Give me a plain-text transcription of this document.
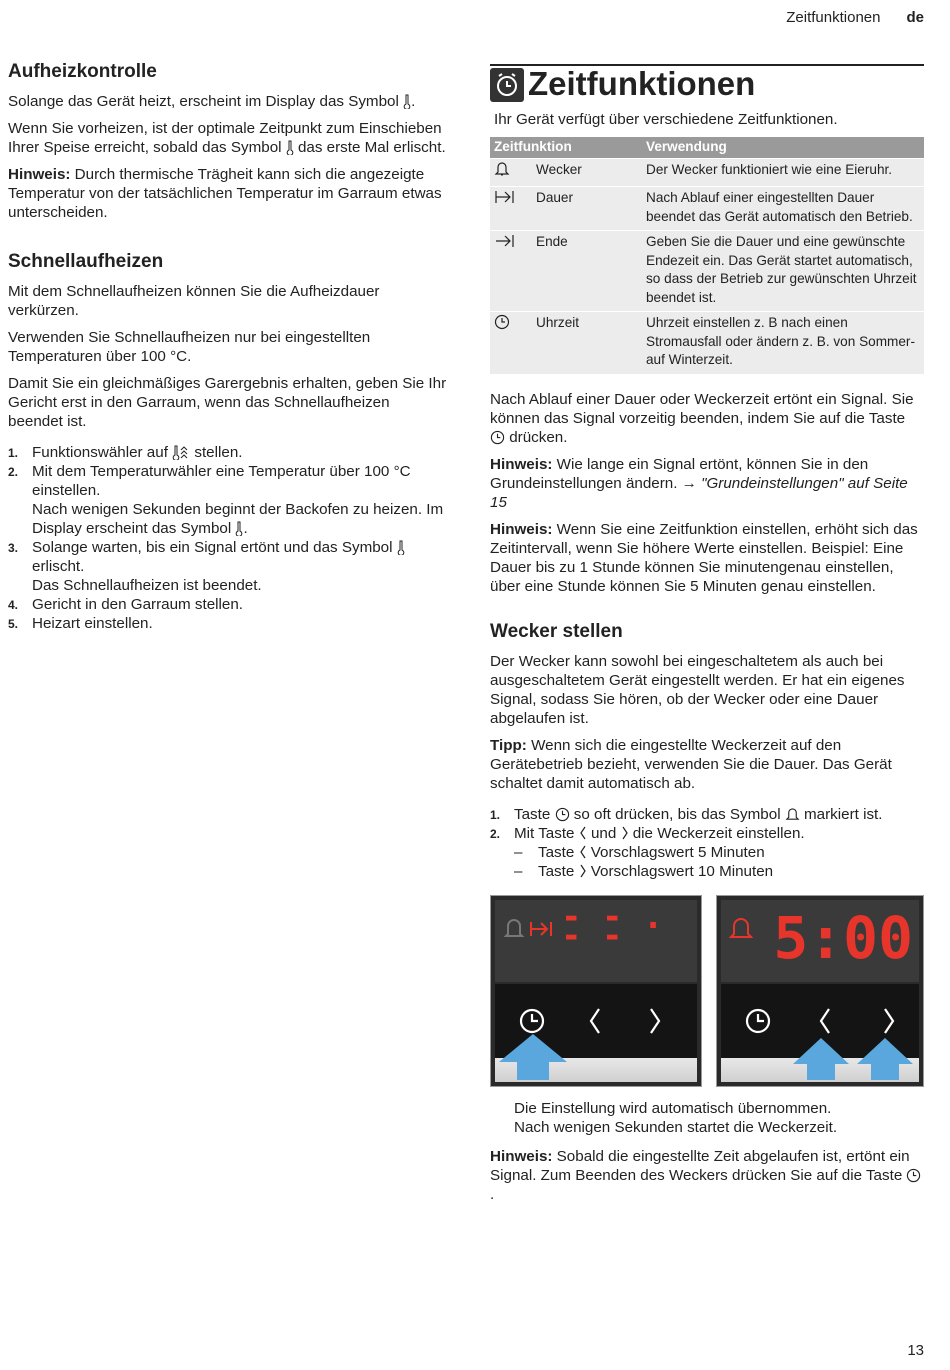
Zeitfunktionen de
Aufheizkontrolle

Solange das Gerät heizt, erscheint im Display das Symbol .

Wenn Sie vorheizen, ist der optimale Zeitpunkt zum Einschieben Ihrer Speise erreicht, sobald das Symbol  das erste Mal erlischt.

Hinweis: Durch thermische Trägheit kann sich die angezeigte Temperatur von der tatsächlichen Temperatur im Garraum etwas unterscheiden.

Schnellaufheizen

Mit dem Schnellaufheizen können Sie die Aufheizdauer verkürzen.

Verwenden Sie Schnellaufheizen nur bei eingestellten Temperaturen über 100 °C.

Damit Sie ein gleichmäßiges Garergebnis erhalten, geben Sie Ihr Gericht erst in den Garraum, wenn das Schnellaufheizen beendet ist.

1. Funktionswähler auf  stellen.
2. Mit dem Temperaturwähler eine Temperatur über 100 °C einstellen.
Nach wenigen Sekunden beginnt der Backofen zu heizen. Im Display erscheint das Symbol .
3. Solange warten, bis ein Signal ertönt und das Symbol  erlischt.
Das Schnellaufheizen ist beendet.
4. Gericht in den Garraum stellen.
5. Heizart einstellen.
Zeitfunktionen

Ihr Gerät verfügt über verschiedene Zeitfunktionen.

Zeitfunktion		Verwendung
	Wecker	Der Wecker funktioniert wie eine Eieruhr.
	Dauer	Nach Ablauf einer eingestellten Dauer beendet das Gerät automatisch den Betrieb.
	Ende	Geben Sie die Dauer und eine gewünschte Endezeit ein. Das Gerät startet automatisch, so dass der Betrieb zur gewünschten Uhrzeit beendet ist.
	Uhrzeit	Uhrzeit einstellen z. B nach einen Stromausfall oder ändern z. B. von Sommer- auf Winterzeit.

Nach Ablauf einer Dauer oder Weckerzeit ertönt ein Signal. Sie können das Signal vorzeitig beenden, indem Sie auf die Taste  drücken.

Hinweis: Wie lange ein Signal ertönt, können Sie in den Grundeinstellungen ändern. → "Grundeinstellungen" auf Seite 15

Hinweis: Wenn Sie eine Zeitfunktion einstellen, erhöht sich das Zeitintervall, wenn Sie höhere Werte einstellen. Beispiel: Eine Dauer bis zu 1 Stunde können Sie minutengenau einstellen, über eine Stunde können Sie 5 Minuten genau einstellen.

Wecker stellen

Der Wecker kann sowohl bei eingeschaltetem als auch bei ausgeschaltetem Gerät eingestellt werden. Er hat ein eigenes Signal, sodass Sie hören, ob der Wecker oder eine Dauer abgelaufen ist.

Tipp: Wenn sich die eingestellte Weckerzeit auf den Gerätebetrieb bezieht, verwenden Sie die Dauer. Das Gerät schaltet damit automatisch ab.

1. Taste  so oft drücken, bis das Symbol  markiert ist.
2. Mit Taste  und  die Weckerzeit einstellen.
– Taste  Vorschlagswert 5 Minuten
– Taste  Vorschlagswert 10 Minuten
- - . - -	5:00
Die Einstellung wird automatisch übernommen.
Nach wenigen Sekunden startet die Weckerzeit.

Hinweis: Sobald die eingestellte Zeit abgelaufen ist, ertönt ein Signal. Zum Beenden des Weckers drücken Sie auf die Taste .

13
